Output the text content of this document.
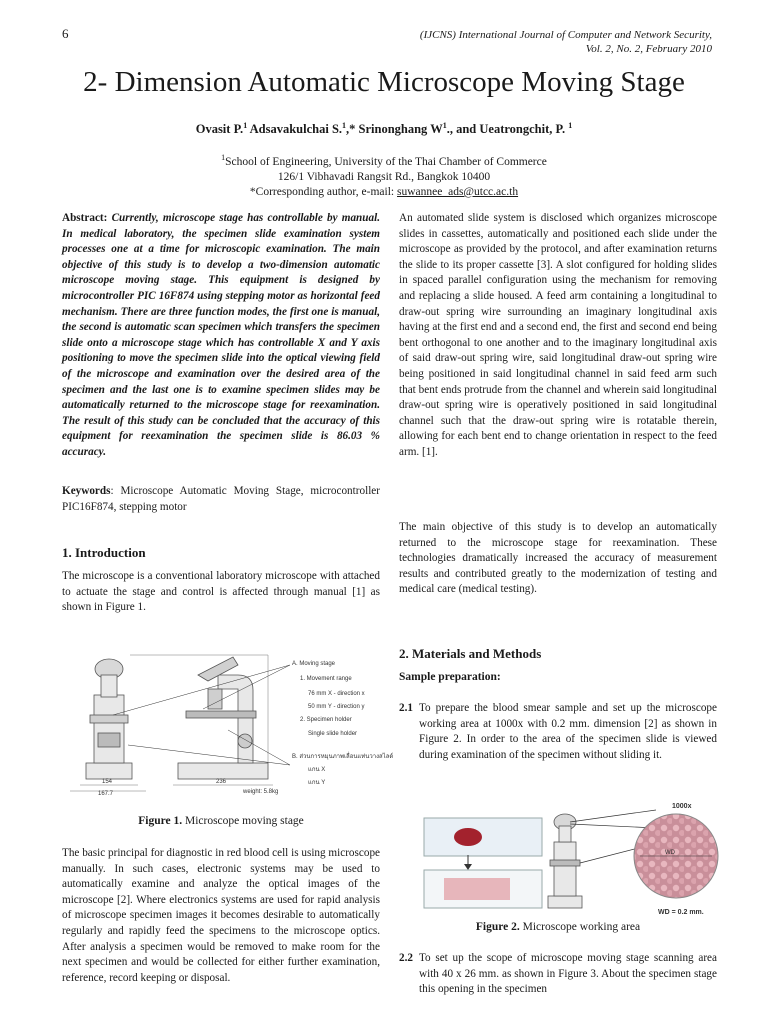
6	(IJCNS) International Journal of Computer and Network Security,
Vol. 2, No. 2, February 2010
2- Dimension Automatic Microscope Moving Stage
Ovasit P.$^1$ Adsavakulchai S.$^1$,* Srinonghang $W^1$., and Ueatrongchit, P. $^1$
$^1$School of Engineering, University of the Thai Chamber of Commerce
126/1 Vibhavadi Rangsit Rd., Bangkok 10400
*Corresponding author, e-mail: suwannee_ads@utcc.ac.th
Abstract: Currently, microscope stage has controllable by manual. In medical laboratory, the specimen slide examination system processes one at a time for microscopic examination. The main objective of this study is to develop a two-dimension automatic microscope moving stage. This equipment is designed by microcontroller PIC 16F874 using stepping motor as horizontal feed mechanism. There are three function modes, the first one is manual, the second is automatic scan specimen which transfers the specimen slide onto a microscope stage which has controllable X and Y axis positioning to move the specimen slide into the optical viewing field of the microscope and examination over the desired area of the specimen and the last one is to examine specimen slides may be automatically returned to the microscope stage for reexamination. The result of this study can be concluded that the accuracy of this equipment for reexamination the specimen slide is 86.03 % accuracy.
Keywords: Microscope Automatic Moving Stage, microcontroller PIC16F874, stepping motor
1. Introduction
The microscope is a conventional laboratory microscope with attached to actuate the stage and control is affected through manual [1] as shown in Figure 1.
A. Moving stage
1. Movement range
76 mm X - direction x
50 mm Y - direction y
2. Specimen holder
Single slide holder
B. ส่วนการหมุนภาพเลื่อนแท่นวางสไลด์
แกน X
แกน Y
weight: 5.8kg
154
167.7
236
Figure 1. Microscope moving stage
The basic principal for diagnostic in red blood cell is using microscope manually. In such cases, electronic systems may be used to automatically examine and analyze the optical images of the microscope [2]. Where electronics systems are used for rapid analysis of microscope specimen images it becomes desirable to automatically regularly and rapidly feed the specimens to the microscope optics. After analysis a specimen would be removed to make room for the next specimen and would be collected for either further examination, reference, record keeping or disposal.
An automated slide system is disclosed which organizes microscope slides in cassettes, automatically and positioned each slide under the microscope as provided by the protocol, and after examination returns the slide to its proper cassette [3]. A slot configured for holding slides in spaced parallel configuration using the mechanism for removing and replacing a slide housed. A feed arm containing a longitudinal to draw-out spring wire surrounding an imaginary longitudinal axis having at the first end and a second end, the first and second end being bent orthogonal to one another and to the imaginary longitudinal axis of said draw-out spring wire, said longitudinal draw-out spring wire being positioned in said longitudinal channel in said feed arm such that bent ends protrude from the channel and wherein said longitudinal draw-out spring wire is operatively positioned in said longitudinal channel such that the draw-out spring wire is rotatable therein, allowing for each bent end to change orientation in respect to the feed arm. [1].
The main objective of this study is to develop an automatically returned to the microscope stage for reexamination. These technologies dramatically increased the accuracy of measurement results and contributed greatly to the modernization of testing and medical care (medical testing).
2. Materials and Methods
Sample preparation:
2.1 To prepare the blood smear sample and set up the microscope working area at 1000x with 0.2 mm. dimension [2] as shown in Figure 2. In order to the area of the specimen slide is viewed during examination of the specimen without sliding it.
1000x
WD
WD = 0.2 mm.
Figure 2. Microscope working area
2.2 To set up the scope of microscope moving stage scanning area with 40 x 26 mm. as shown in Figure 3. About the specimen stage this opening in the specimen
